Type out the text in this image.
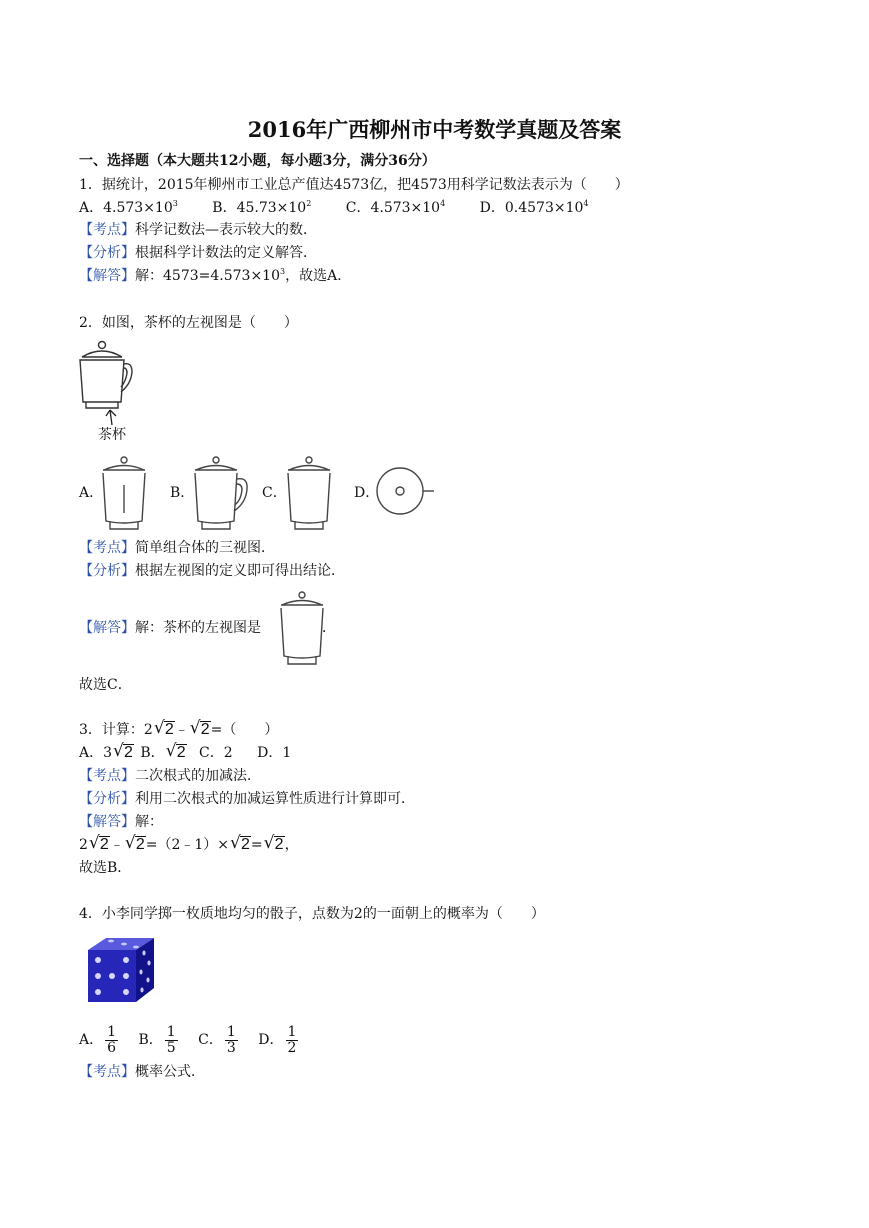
2016年广西柳州市中考数学真题及答案
一、选择题（本大题共12小题，每小题3分，满分36分）
1．据统计，2015年柳州市工业总产值达4573亿，把4573用科学记数法表示为（　　）
A．$4.573\times 10^3$ B．$45.73\times 10^2$ C．$4.573\times 10^4$ D．$0.4573\times 10^4$
【考点】科学记数法—表示较大的数．
【分析】根据科学计数法的定义解答．
【解答】解：$4573=4.573\times 10^3$，故选A．
2．如图，茶杯的左视图是（　　）
茶杯
A．	B．	C．	D．
【考点】简单组合体的三视图．
【分析】根据左视图的定义即可得出结论．
【解答】解：茶杯的左视图是	．
故选C．
3．计算：2 √ 2﹣ √ 2=（　　）
A．3 √ 2 B． √ 2 C．2 D．1
【考点】二次根式的加减法．
【分析】利用二次根式的加减运算性质进行计算即可．
【解答】解：
2 √ 2﹣ √ 2=（2﹣1）× √ 2= √ 2，
故选B．
4．小李同学掷一枚质地均匀的骰子，点数为2的一面朝上的概率为（　　）
A． $\frac{1}{6}$ B． $\frac{1}{5}$ C． $\frac{1}{3}$ D． $\frac{1}{2}$
【考点】概率公式．
